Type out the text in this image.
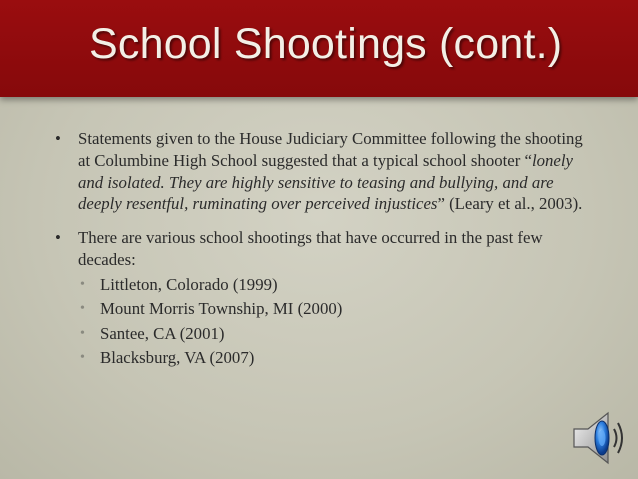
School Shootings (cont.)
• Statements given to the House Judiciary Committee following the shooting at Columbine High School suggested that a typical school shooter “lonely and isolated. They are highly sensitive to teasing and bullying, and are deeply resentful, ruminating over perceived injustices” (Leary et al., 2003).
• There are various school shootings that have occurred in the past few decades:
• Littleton, Colorado (1999)
• Mount Morris Township, MI (2000)
• Santee, CA (2001)
• Blacksburg, VA (2007)
